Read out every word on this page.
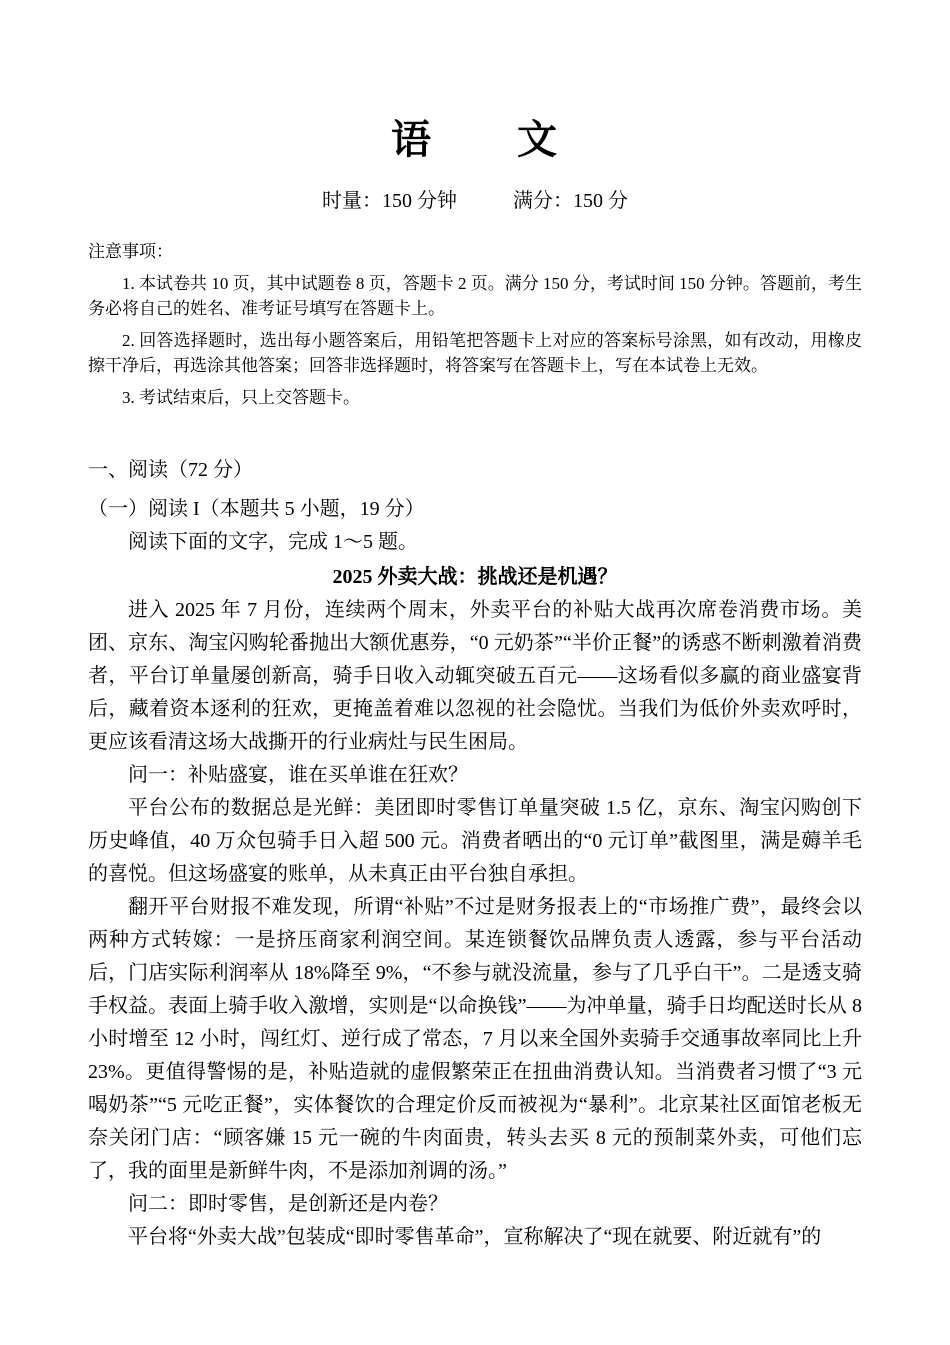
语　　文

时量：150 分钟	满分：150 分

注意事项：

1. 本试卷共 10 页，其中试题卷 8 页，答题卡 2 页。满分 150 分，考试时间 150 分钟。答题前，考生务必将自己的姓名、准考证号填写在答题卡上。

2. 回答选择题时，选出每小题答案后，用铅笔把答题卡上对应的答案标号涂黑，如有改动，用橡皮擦干净后，再选涂其他答案；回答非选择题时，将答案写在答题卡上，写在本试卷上无效。

3. 考试结束后，只上交答题卡。

一、阅读（72 分）

（一）阅读 I（本题共 5 小题，19 分）

阅读下面的文字，完成 1～5 题。

2025 外卖大战：挑战还是机遇？

进入 2025 年 7 月份，连续两个周末，外卖平台的补贴大战再次席卷消费市场。美团、京东、淘宝闪购轮番抛出大额优惠券，“0 元奶茶”“半价正餐”的诱惑不断刺激着消费者，平台订单量屡创新高，骑手日收入动辄突破五百元——这场看似多赢的商业盛宴背后，藏着资本逐利的狂欢，更掩盖着难以忽视的社会隐忧。当我们为低价外卖欢呼时，更应该看清这场大战撕开的行业病灶与民生困局。

问一：补贴盛宴，谁在买单谁在狂欢？

平台公布的数据总是光鲜：美团即时零售订单量突破 1.5 亿，京东、淘宝闪购创下历史峰值，40 万众包骑手日入超 500 元。消费者晒出的“0 元订单”截图里，满是薅羊毛的喜悦。但这场盛宴的账单，从未真正由平台独自承担。

翻开平台财报不难发现，所谓“补贴”不过是财务报表上的“市场推广费”，最终会以两种方式转嫁：一是挤压商家利润空间。某连锁餐饮品牌负责人透露，参与平台活动后，门店实际利润率从 18%降至 9%，“不参与就没流量，参与了几乎白干”。二是透支骑手权益。表面上骑手收入激增，实则是“以命换钱”——为冲单量，骑手日均配送时长从 8 小时增至 12 小时，闯红灯、逆行成了常态，7 月以来全国外卖骑手交通事故率同比上升 23%。更值得警惕的是，补贴造就的虚假繁荣正在扭曲消费认知。当消费者习惯了“3 元喝奶茶”“5 元吃正餐”，实体餐饮的合理定价反而被视为“暴利”。北京某社区面馆老板无奈关闭门店：“顾客嫌 15 元一碗的牛肉面贵，转头去买 8 元的预制菜外卖，可他们忘了，我的面里是新鲜牛肉，不是添加剂调的汤。”

问二：即时零售，是创新还是内卷？

平台将“外卖大战”包装成“即时零售革命”，宣称解决了“现在就要、附近就有”的
